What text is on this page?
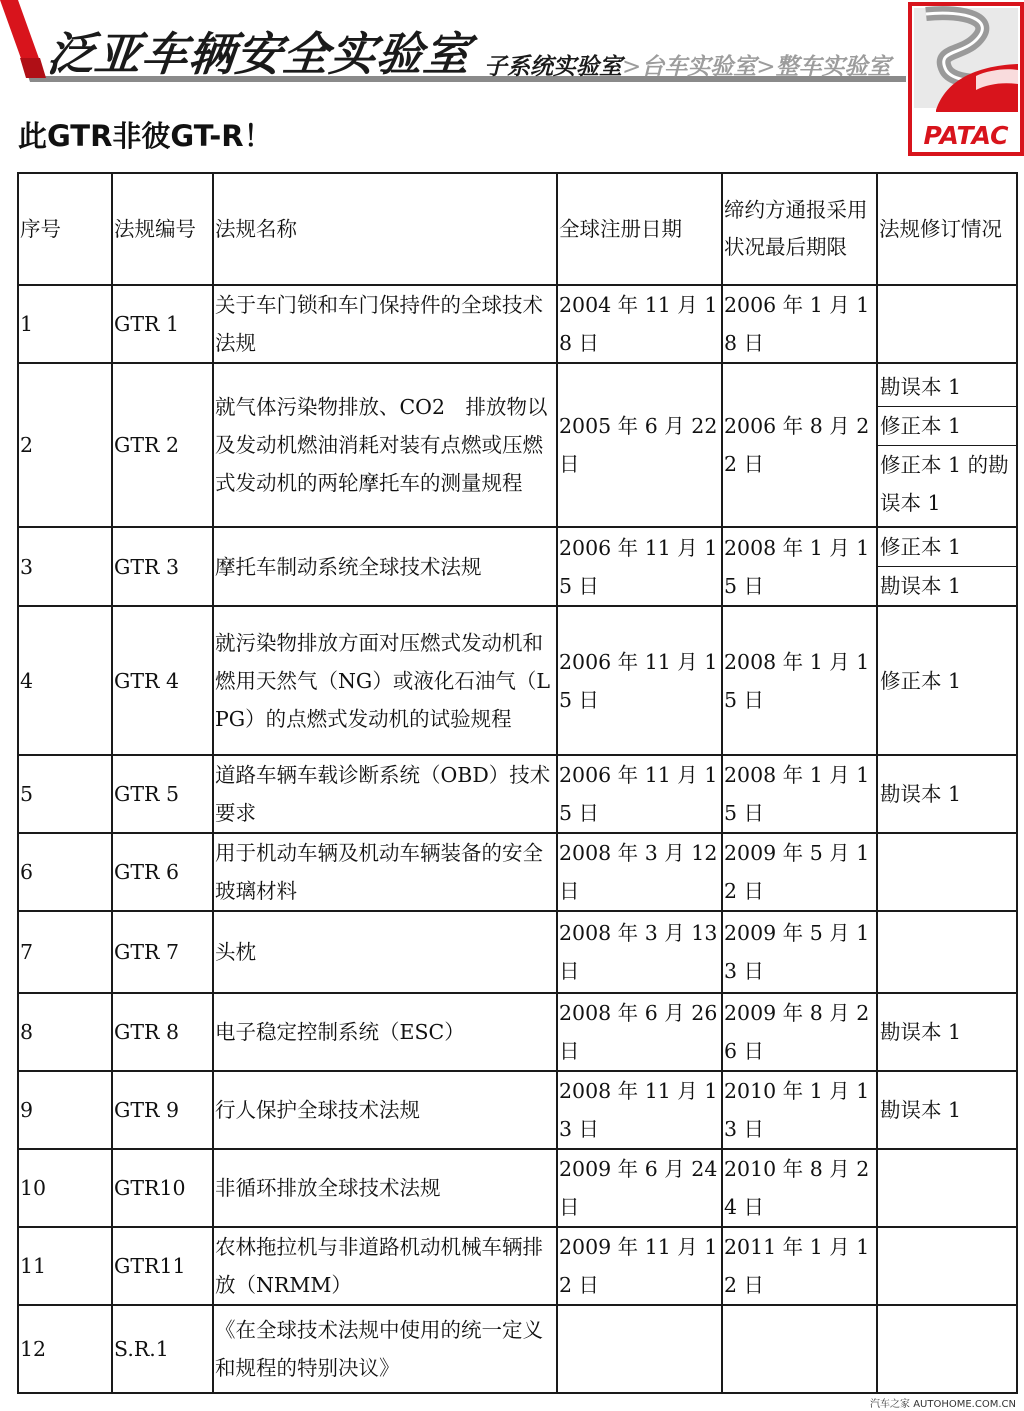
泛亚车辆安全实验室 子系统实验室>台车实验室>整车实验室
PATAC
此GTR非彼GT-R！
序号	法规编号	法规名称	全球注册日期	缔约方通报采用状况最后期限	法规修订情况

1	GTR 1	关于车门锁和车门保持件的全球技术法规	2004 年 11 月 18 日	2006 年 1 月 18 日	

2	GTR 2	就气体污染物排放、CO2　排放物以及发动机燃油消耗对装有点燃或压燃式发动机的两轮摩托车的测量规程	2005 年 6 月 22 日	2006 年 8 月 22 日	勘误本 1
修正本 1
修正本 1 的勘误本 1

3	GTR 3	摩托车制动系统全球技术法规	2006 年 11 月 15 日	2008 年 1 月 15 日	修正本 1
勘误本 1

4	GTR 4	就污染物排放方面对压燃式发动机和燃用天然气（NG）或液化石油气（LPG）的点燃式发动机的试验规程	2006 年 11 月 15 日	2008 年 1 月 15 日	修正本 1

5	GTR 5	道路车辆车载诊断系统（OBD）技术要求	2006 年 11 月 15 日	2008 年 1 月 15 日	勘误本 1

6	GTR 6	用于机动车辆及机动车辆装备的安全玻璃材料	2008 年 3 月 12 日	2009 年 5 月 12 日	

7	GTR 7	头枕	2008 年 3 月 13 日	2009 年 5 月 13 日	

8	GTR 8	电子稳定控制系统（ESC）	2008 年 6 月 26 日	2009 年 8 月 26 日	勘误本 1

9	GTR 9	行人保护全球技术法规	2008 年 11 月 13 日	2010 年 1 月 13 日	勘误本 1

10	GTR10	非循环排放全球技术法规	2009 年 6 月 24 日	2010 年 8 月 24 日	

11	GTR11	农林拖拉机与非道路机动机械车辆排放（NRMM）	2009 年 11 月 12 日	2011 年 1 月 12 日	

12	S.R.1	《在全球技术法规中使用的统一定义和规程的特别决议》			

汽车之家 AUTOHOME.COM.CN
